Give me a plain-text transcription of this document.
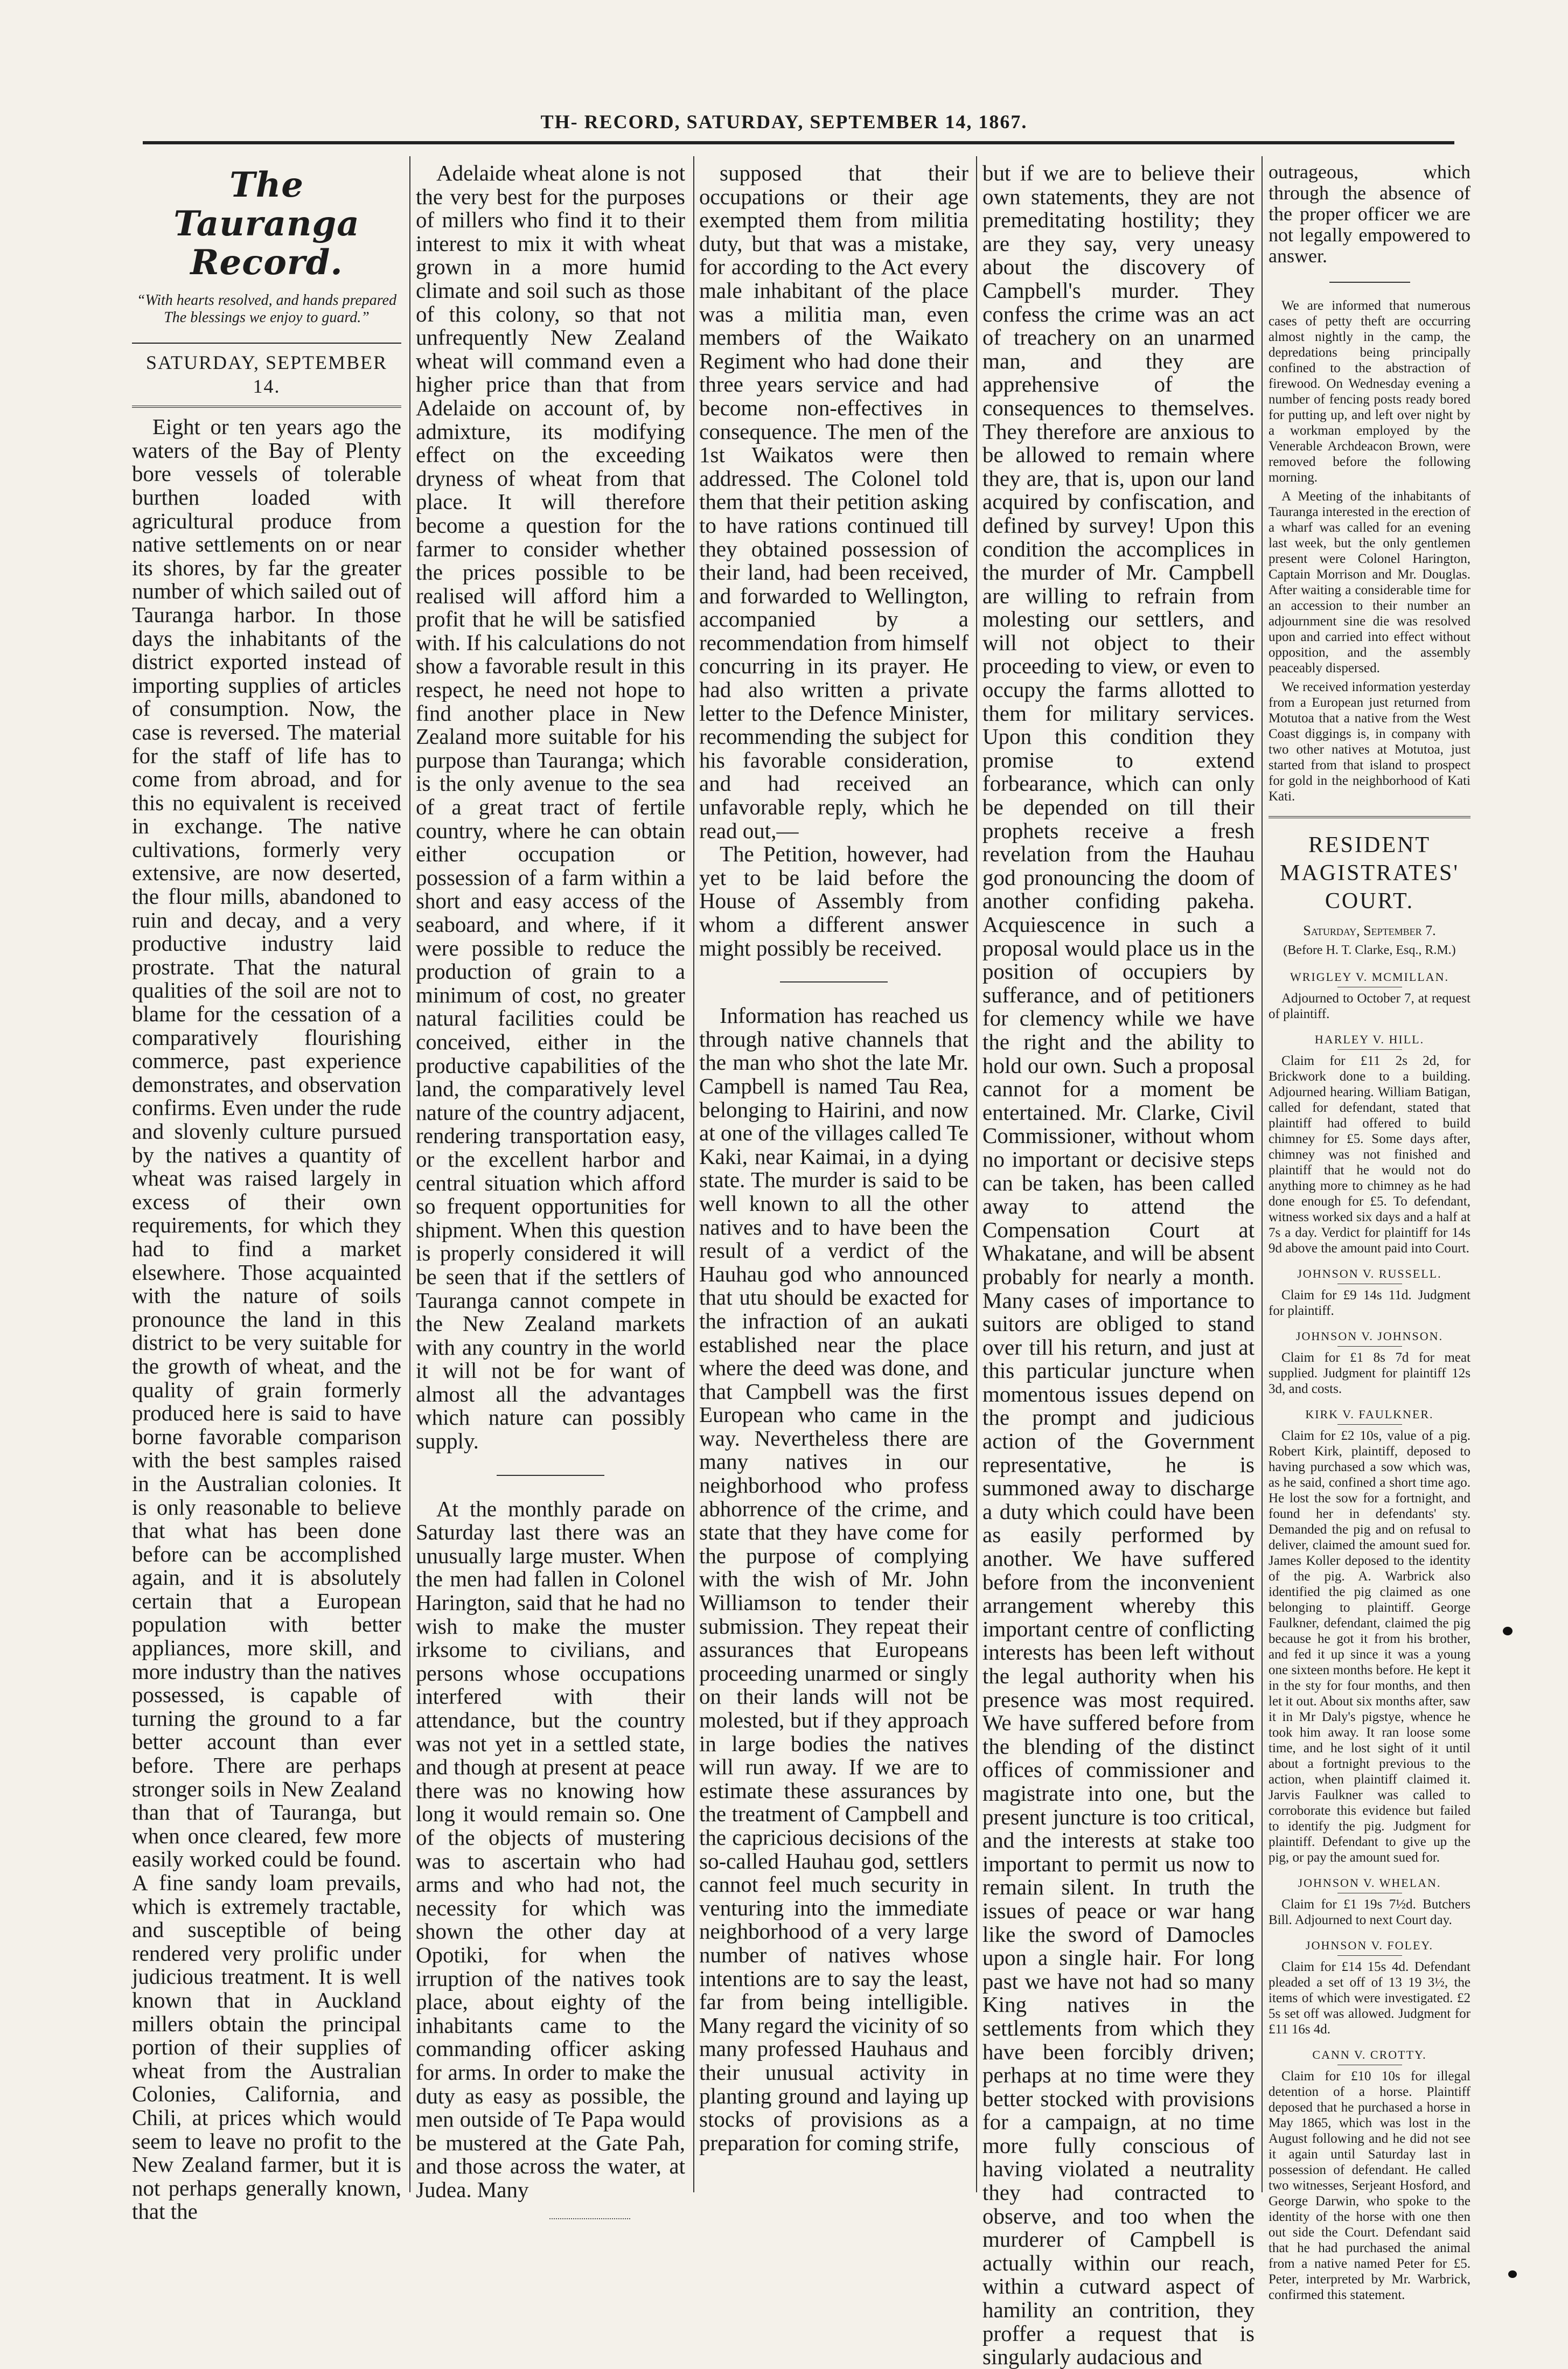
TH‑ RECORD, SATURDAY, SEPTEMBER 14, 1867.
The Tauranga Record.
“With hearts resolved, and hands prepared
The blessings we enjoy to guard.”
SATURDAY, SEPTEMBER 14.

Eight or ten years ago the waters of the Bay of Plenty bore vessels of tolerable burthen loaded with agricultural produce from native settlements on or near its shores, by far the greater number of which sailed out of Tauranga harbor. In those days the inhabitants of the district exported instead of importing supplies of articles of consumption. Now, the case is reversed. The material for the staff of life has to come from abroad, and for this no equivalent is received in exchange. The native cultivations, formerly very extensive, are now deserted, the flour mills, abandoned to ruin and decay, and a very productive industry laid prostrate. That the natural qualities of the soil are not to blame for the cessation of a comparatively flourishing commerce, past experience demonstrates, and observation confirms. Even under the rude and slovenly culture pursued by the natives a quantity of wheat was raised largely in excess of their own requirements, for which they had to find a market elsewhere. Those acquainted with the nature of soils pronounce the land in this district to be very suitable for the growth of wheat, and the quality of grain formerly produced here is said to have borne favorable comparison with the best samples raised in the Australian colonies. It is only reasonable to believe that what has been done before can be accomplished again, and it is absolutely certain that a European population with better appliances, more skill, and more industry than the natives possessed, is capable of turning the ground to a far better account than ever before. There are perhaps stronger soils in New Zealand than that of Tauranga, but when once cleared, few more easily worked could be found. A fine sandy loam prevails, which is extremely tractable, and susceptible of being rendered very prolific under judicious treatment. It is well known that in Auckland millers obtain the principal portion of their supplies of wheat from the Australian Colonies, California, and Chili, at prices which would seem to leave no profit to the New Zealand farmer, but it is not perhaps generally known, that the

Adelaide wheat alone is not the very best for the purposes of millers who find it to their interest to mix it with wheat grown in a more humid climate and soil such as those of this colony, so that not unfrequently New Zealand wheat will command even a higher price than that from Adelaide on account of, by admixture, its modifying effect on the exceeding dryness of wheat from that place. It will therefore become a question for the farmer to consider whether the prices possible to be realised will afford him a profit that he will be satisfied with. If his calculations do not show a favorable result in this respect, he need not hope to find another place in New Zealand more suitable for his purpose than Tauranga; which is the only avenue to the sea of a great tract of fertile country, where he can obtain either occupation or possession of a farm within a short and easy access of the seaboard, and where, if it were possible to reduce the production of grain to a minimum of cost, no greater natural facilities could be conceived, either in the productive capabilities of the land, the comparatively level nature of the country adjacent, rendering transportation easy, or the excellent harbor and central situation which afford so frequent opportunities for shipment. When this question is properly considered it will be seen that if the settlers of Tauranga cannot compete in the New Zealand markets with any country in the world it will not be for want of almost all the advantages which nature can possibly supply.

At the monthly parade on Saturday last there was an unusually large muster. When the men had fallen in Colonel Harington, said that he had no wish to make the muster irksome to civilians, and persons whose occupations interfered with their attendance, but the country was not yet in a settled state, and though at present at peace there was no knowing how long it would remain so. One of the objects of mustering was to ascertain who had arms and who had not, the necessity for which was shown the other day at Opotiki, for when the irruption of the natives took place, about eighty of the inhabitants came to the commanding officer asking for arms. In order to make the duty as easy as possible, the men outside of Te Papa would be mustered at the Gate Pah, and those across the water, at Judea. Many

supposed that their occupations or their age exempted them from militia duty, but that was a mistake, for according to the Act every male inhabitant of the place was a militia man, even members of the Waikato Regiment who had done their three years service and had become non-effectives in consequence. The men of the 1st Waikatos were then addressed. The Colonel told them that their petition asking to have rations continued till they obtained possession of their land, had been received, and forwarded to Wellington, accompanied by a recommendation from himself concurring in its prayer. He had also written a private letter to the Defence Minister, recommending the subject for his favorable consideration, and had received an unfavorable reply, which he read out,—

The Petition, however, had yet to be laid before the House of Assembly from whom a different answer might possibly be received.

Information has reached us through native channels that the man who shot the late Mr. Campbell is named Tau Rea, belonging to Hairini, and now at one of the villages called Te Kaki, near Kaimai, in a dying state. The murder is said to be well known to all the other natives and to have been the result of a verdict of the Hauhau god who announced that utu should be exacted for the infraction of an aukati established near the place where the deed was done, and that Campbell was the first European who came in the way. Nevertheless there are many natives in our neighborhood who profess abhorrence of the crime, and state that they have come for the purpose of complying with the wish of Mr. John Williamson to tender their submission. They repeat their assurances that Europeans proceeding unarmed or singly on their lands will not be molested, but if they approach in large bodies the natives will run away. If we are to estimate these assurances by the treatment of Campbell and the capricious decisions of the so-called Hauhau god, settlers cannot feel much security in venturing into the immediate neighborhood of a very large number of natives whose intentions are to say the least, far from being intelligible. Many regard the vicinity of so many professed Hauhaus and their unusual activity in planting ground and laying up stocks of provisions as a preparation for coming strife,

but if we are to believe their own statements, they are not premeditating hostility; they are they say, very uneasy about the discovery of Campbell's murder. They confess the crime was an act of treachery on an unarmed man, and they are apprehensive of the consequences to themselves. They therefore are anxious to be allowed to remain where they are, that is, upon our land acquired by confiscation, and defined by survey! Upon this condition the accomplices in the murder of Mr. Campbell are willing to refrain from molesting our settlers, and will not object to their proceeding to view, or even to occupy the farms allotted to them for military services. Upon this condition they promise to extend forbearance, which can only be depended on till their prophets receive a fresh revelation from the Hauhau god pronouncing the doom of another confiding pakeha. Acquiescence in such a proposal would place us in the position of occupiers by sufferance, and of petitioners for clemency while we have the right and the ability to hold our own. Such a proposal cannot for a moment be entertained. Mr. Clarke, Civil Commissioner, without whom no important or decisive steps can be taken, has been called away to attend the Compensation Court at Whakatane, and will be absent probably for nearly a month. Many cases of importance to suitors are obliged to stand over till his return, and just at this particular juncture when momentous issues depend on the prompt and judicious action of the Government representative, he is summoned away to discharge a duty which could have been as easily performed by another. We have suffered before from the inconvenient arrangement whereby this important centre of conflicting interests has been left without the legal authority when his presence was most required. We have suffered before from the blending of the distinct offices of commissioner and magistrate into one, but the present juncture is too critical, and the interests at stake too important to permit us now to remain silent. In truth the issues of peace or war hang like the sword of Damocles upon a single hair. For long past we have not had so many King natives in the settlements from which they have been forcibly driven; perhaps at no time were they better stocked with provisions for a campaign, at no time more fully conscious of having violated a neutrality they had contracted to observe, and too when the murderer of Campbell is actually within our reach, within a cutward aspect of hamility an contrition, they proffer a request that is singularly audacious and

outrageous, which through the absence of the proper officer we are not legally empowered to answer.

We are informed that numerous cases of petty theft are occurring almost nightly in the camp, the depredations being principally confined to the abstraction of firewood. On Wednesday evening a number of fencing posts ready bored for putting up, and left over night by a workman employed by the Venerable Archdeacon Brown, were removed before the following morning.

A Meeting of the inhabitants of Tauranga interested in the erection of a wharf was called for an evening last week, but the only gentlemen present were Colonel Harington, Captain Morrison and Mr. Douglas. After waiting a considerable time for an accession to their number an adjournment sine die was resolved upon and carried into effect without opposition, and the assembly peaceably dispersed.

We received information yesterday from a European just returned from Motutoa that a native from the West Coast diggings is, in company with two other natives at Motutoa, just started from that island to prospect for gold in the neighborhood of Kati Kati.

RESIDENT MAGISTRATES'
COURT.
Saturday, September 7.
(Before H. T. Clarke, Esq., R.M.)
WRIGLEY V. MCMILLAN.

Adjourned to October 7, at request of plaintiff.

HARLEY V. HILL.

Claim for £11 2s 2d, for Brickwork done to a building. Adjourned hearing. William Batigan, called for defendant, stated that plaintiff had offered to build chimney for £5. Some days after, chimney was not finished and plaintiff that he would not do anything more to chimney as he had done enough for £5. To defendant, witness worked six days and a half at 7s a day. Verdict for plaintiff for 14s 9d above the amount paid into Court.

JOHNSON V. RUSSELL.

Claim for £9 14s 11d. Judgment for plaintiff.

JOHNSON V. JOHNSON.

Claim for £1 8s 7d for meat supplied. Judgment for plaintiff 12s 3d, and costs.

KIRK V. FAULKNER.

Claim for £2 10s, value of a pig. Robert Kirk, plaintiff, deposed to having purchased a sow which was, as he said, confined a short time ago. He lost the sow for a fortnight, and found her in defendants' sty. Demanded the pig and on refusal to deliver, claimed the amount sued for. James Koller deposed to the identity of the pig. A. Warbrick also identified the pig claimed as one belonging to plaintiff. George Faulkner, defendant, claimed the pig because he got it from his brother, and fed it up since it was a young one sixteen months before. He kept it in the sty for four months, and then let it out. About six months after, saw it in Mr Daly's pigstye, whence he took him away. It ran loose some time, and he lost sight of it until about a fortnight previous to the action, when plaintiff claimed it. Jarvis Faulkner was called to corroborate this evidence but failed to identify the pig. Judgment for plaintiff. Defendant to give up the pig, or pay the amount sued for.

JOHNSON V. WHELAN.

Claim for £1 19s 7½d. Butchers Bill. Adjourned to next Court day.

JOHNSON V. FOLEY.

Claim for £14 15s 4d. Defendant pleaded a set off of 13 19 3½, the items of which were investigated. £2 5s set off was allowed. Judgment for £11 16s 4d.

CANN V. CROTTY.

Claim for £10 10s for illegal detention of a horse. Plaintiff deposed that he purchased a horse in May 1865, which was lost in the August following and he did not see it again until Saturday last in possession of defendant. He called two witnesses, Serjeant Hosford, and George Darwin, who spoke to the identity of the horse with one then out side the Court. Defendant said that he had purchased the animal from a native named Peter for £5. Peter, interpreted by Mr. Warbrick, confirmed this statement.
